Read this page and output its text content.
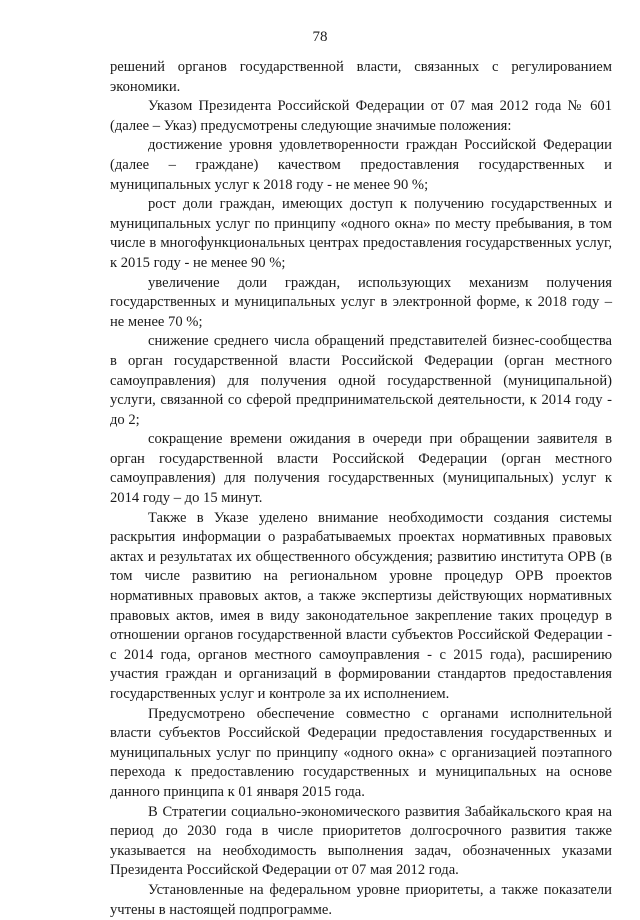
78

решений органов государственной власти, связанных с регулированием экономики.

Указом Президента Российской Федерации от 07 мая 2012 года № 601 (далее – Указ) предусмотрены следующие значимые положения:

достижение уровня удовлетворенности граждан Российской Федерации (далее – граждане) качеством предоставления государственных и муниципальных услуг к 2018 году - не менее 90 %;

рост доли граждан, имеющих доступ к получению государственных и муниципальных услуг по принципу «одного окна» по месту пребывания, в том числе в многофункциональных центрах предоставления государственных услуг, к 2015 году - не менее 90 %;

увеличение доли граждан, использующих механизм получения государственных и муниципальных услуг в электронной форме, к 2018 году – не менее 70 %;

снижение среднего числа обращений представителей бизнес-сообщества в орган государственной власти Российской Федерации (орган местного самоуправления) для получения одной государственной (муниципальной) услуги, связанной со сферой предпринимательской деятельности, к 2014 году - до 2;

сокращение времени ожидания в очереди при обращении заявителя в орган государственной власти Российской Федерации (орган местного самоуправления) для получения государственных (муниципальных) услуг к 2014 году – до 15 минут.

Также в Указе уделено внимание необходимости создания системы раскрытия информации о разрабатываемых проектах нормативных правовых актах и результатах их общественного обсуждения; развитию института ОРВ (в том числе развитию на региональном уровне процедур ОРВ проектов нормативных правовых актов, а также экспертизы действующих нормативных правовых актов, имея в виду законодательное закрепление таких процедур в отношении органов государственной власти субъектов Российской Федерации - с 2014 года, органов местного самоуправления - с 2015 года), расширению участия граждан и организаций в формировании стандартов предоставления государственных услуг и контроле за их исполнением.

Предусмотрено обеспечение совместно с органами исполнительной власти субъектов Российской Федерации предоставления государственных и муниципальных услуг по принципу «одного окна» с организацией поэтапного перехода к предоставлению государственных и муниципальных на основе данного принципа к 01 января 2015 года.

В Стратегии социально-экономического развития Забайкальского края на период до 2030 года в числе приоритетов долгосрочного развития также указывается на необходимость выполнения задач, обозначенных указами Президента Российской Федерации от 07 мая 2012 года.

Установленные на федеральном уровне приоритеты, а также показатели учтены в настоящей подпрограмме.
